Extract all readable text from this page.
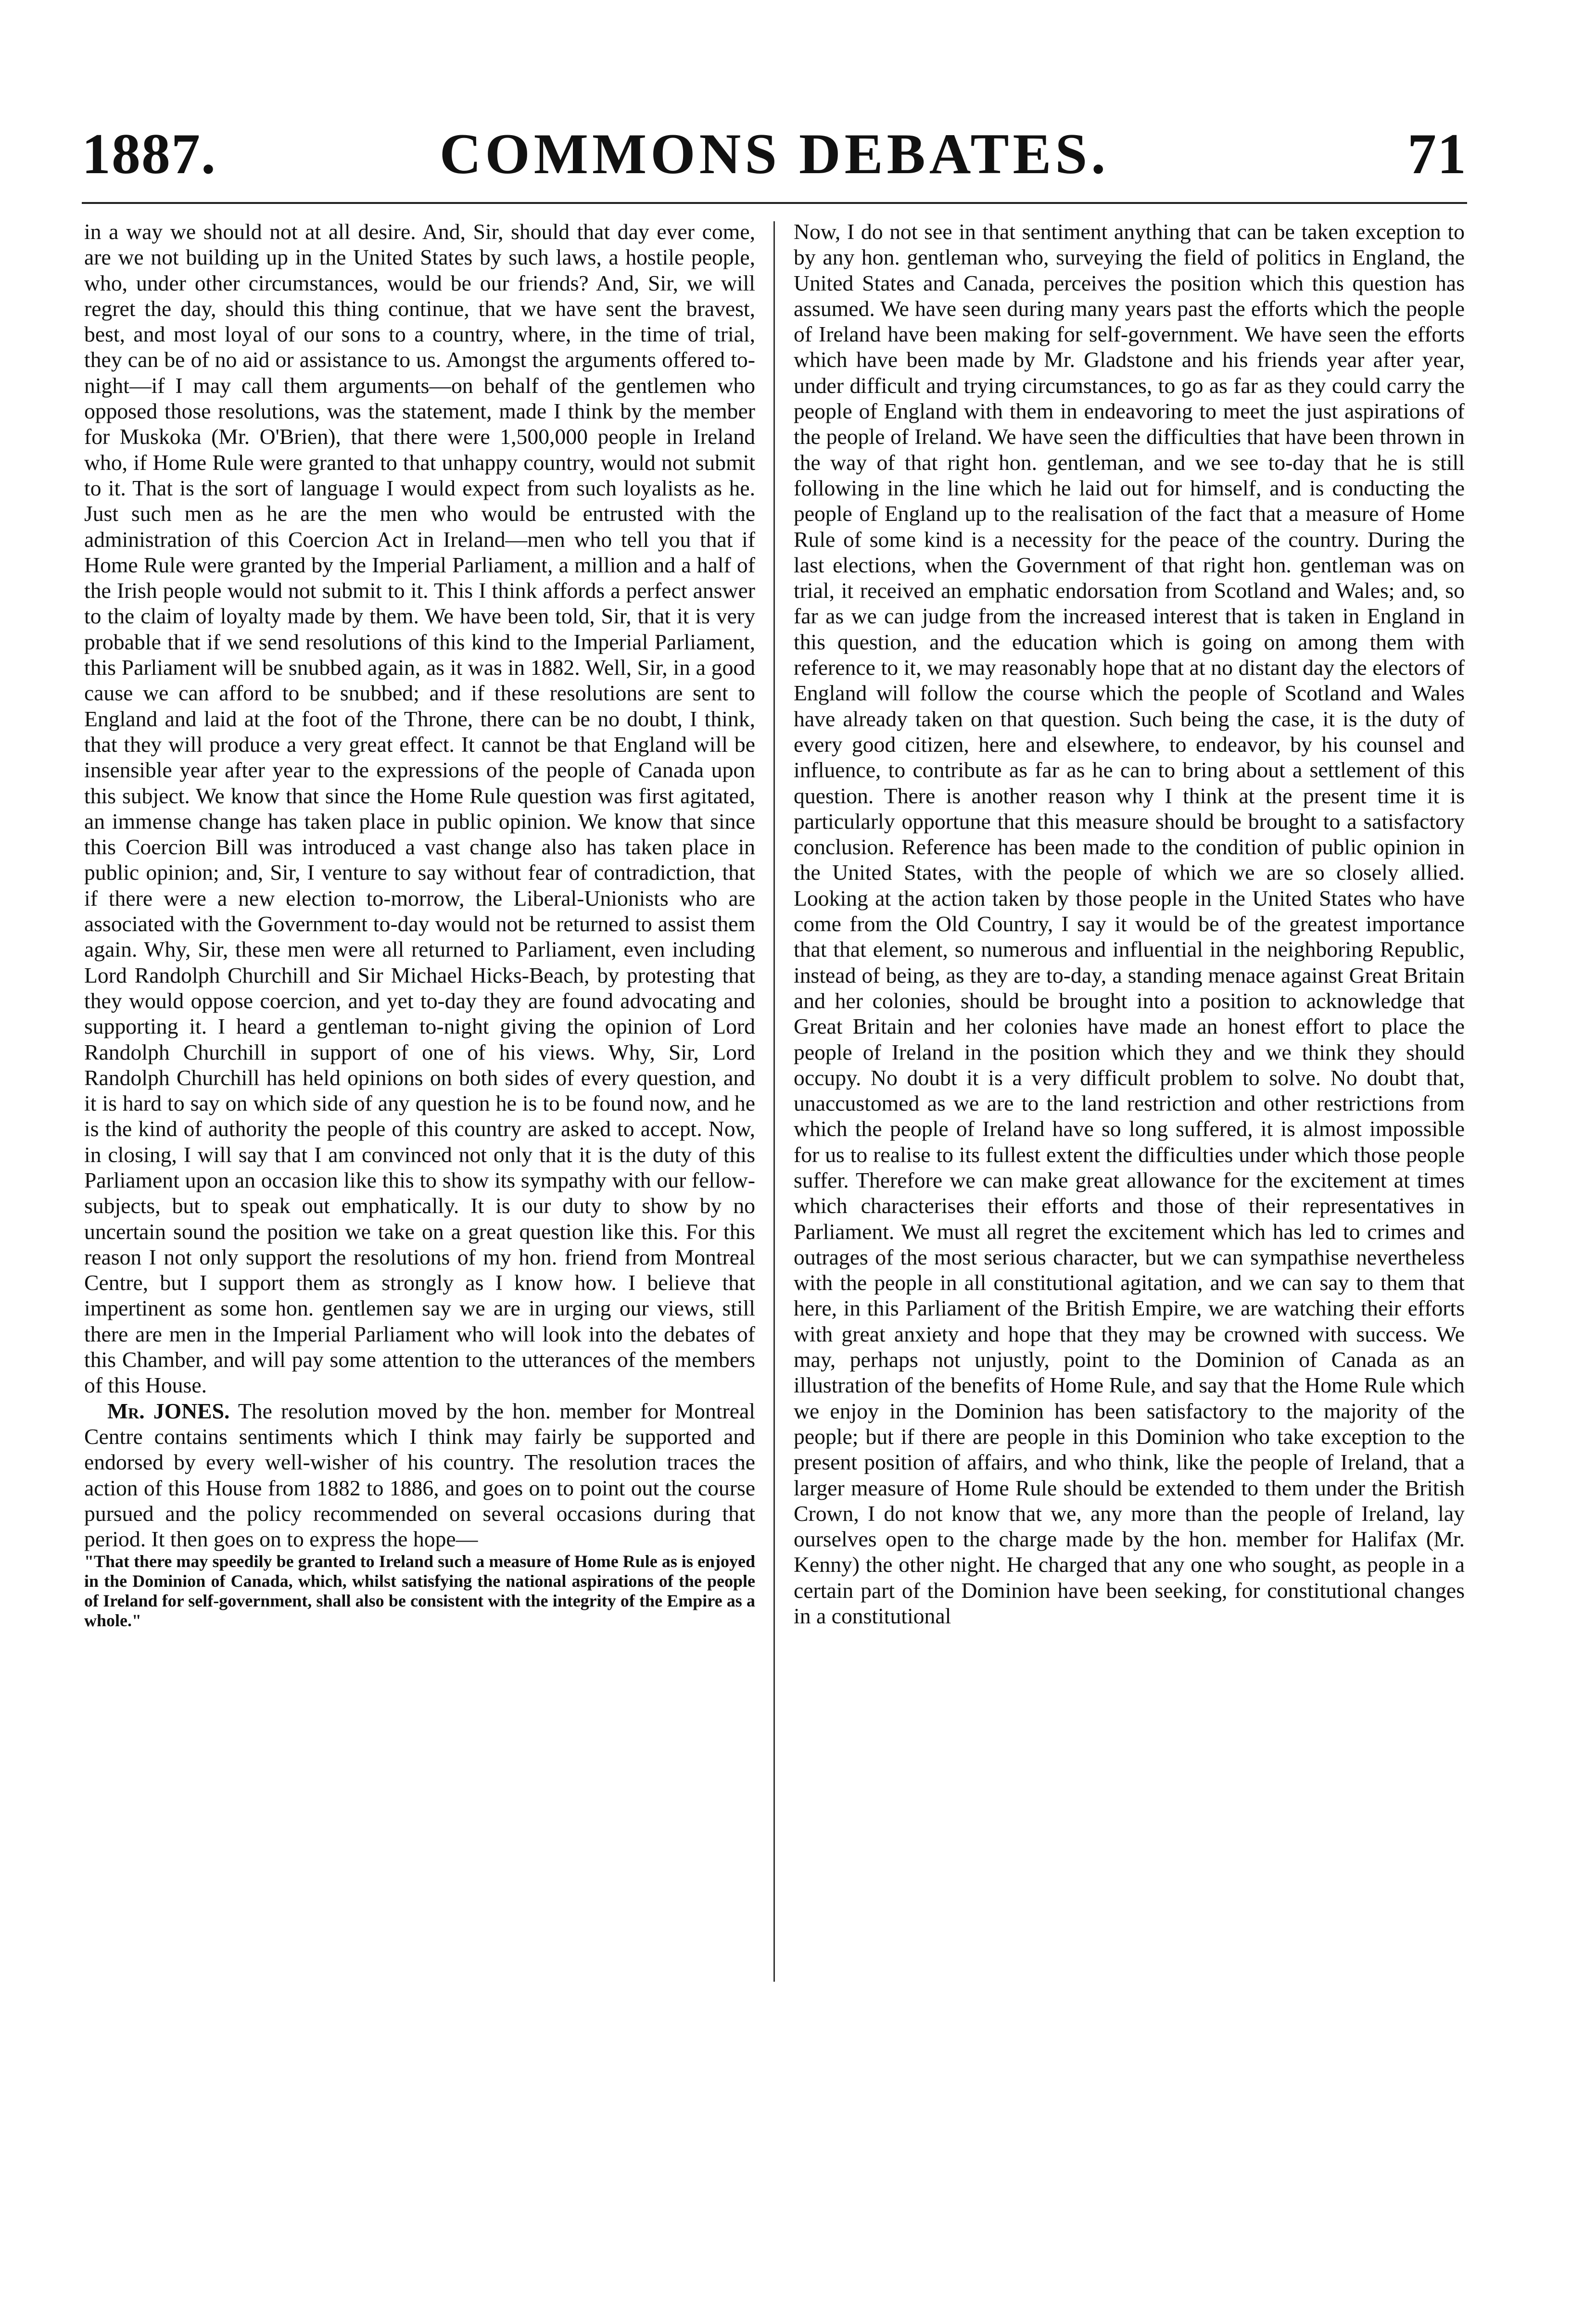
1887.	COMMONS DEBATES.	71

in a way we should not at all desire. And, Sir, should that day ever come, are we not building up in the United States by such laws, a hostile people, who, under other circumstances, would be our friends? And, Sir, we will regret the day, should this thing continue, that we have sent the bravest, best, and most loyal of our sons to a country, where, in the time of trial, they can be of no aid or assistance to us. Amongst the arguments offered to-night—if I may call them arguments—on behalf of the gentlemen who opposed those resolutions, was the statement, made I think by the member for Muskoka (Mr. O'Brien), that there were 1,500,000 people in Ireland who, if Home Rule were granted to that unhappy country, would not submit to it. That is the sort of language I would expect from such loyalists as he. Just such men as he are the men who would be entrusted with the administration of this Coercion Act in Ireland—men who tell you that if Home Rule were granted by the Imperial Parliament, a million and a half of the Irish people would not submit to it. This I think affords a perfect answer to the claim of loyalty made by them. We have been told, Sir, that it is very probable that if we send resolutions of this kind to the Imperial Parliament, this Parliament will be snubbed again, as it was in 1882. Well, Sir, in a good cause we can afford to be snubbed; and if these resolutions are sent to England and laid at the foot of the Throne, there can be no doubt, I think, that they will produce a very great effect. It cannot be that England will be insensible year after year to the expressions of the people of Canada upon this subject. We know that since the Home Rule question was first agitated, an immense change has taken place in public opinion. We know that since this Coercion Bill was introduced a vast change also has taken place in public opinion; and, Sir, I venture to say without fear of contradiction, that if there were a new election to-morrow, the Liberal-Unionists who are associated with the Government to-day would not be returned to assist them again. Why, Sir, these men were all returned to Parliament, even including Lord Randolph Churchill and Sir Michael Hicks-Beach, by protesting that they would oppose coercion, and yet to-day they are found advocating and supporting it. I heard a gentleman to-night giving the opinion of Lord Randolph Churchill in support of one of his views. Why, Sir, Lord Randolph Churchill has held opinions on both sides of every question, and it is hard to say on which side of any question he is to be found now, and he is the kind of authority the people of this country are asked to accept. Now, in closing, I will say that I am convinced not only that it is the duty of this Parliament upon an occasion like this to show its sympathy with our fellow-subjects, but to speak out emphatically. It is our duty to show by no uncertain sound the position we take on a great question like this. For this reason I not only support the resolutions of my hon. friend from Montreal Centre, but I support them as strongly as I know how. I believe that impertinent as some hon. gentlemen say we are in urging our views, still there are men in the Imperial Parliament who will look into the debates of this Chamber, and will pay some attention to the utterances of the members of this House.

Mr. JONES. The resolution moved by the hon. member for Montreal Centre contains sentiments which I think may fairly be supported and endorsed by every well-wisher of his country. The resolution traces the action of this House from 1882 to 1886, and goes on to point out the course pursued and the policy recommended on several occasions during that period. It then goes on to express the hope—

"That there may speedily be granted to Ireland such a measure of Home Rule as is enjoyed in the Dominion of Canada, which, whilst satisfying the national aspirations of the people of Ireland for self-government, shall also be consistent with the integrity of the Empire as a whole."

Now, I do not see in that sentiment anything that can be taken exception to by any hon. gentleman who, surveying the field of politics in England, the United States and Canada, perceives the position which this question has assumed. We have seen during many years past the efforts which the people of Ireland have been making for self-government. We have seen the efforts which have been made by Mr. Gladstone and his friends year after year, under difficult and trying circumstances, to go as far as they could carry the people of England with them in endeavoring to meet the just aspirations of the people of Ireland. We have seen the difficulties that have been thrown in the way of that right hon. gentleman, and we see to-day that he is still following in the line which he laid out for himself, and is conducting the people of England up to the realisation of the fact that a measure of Home Rule of some kind is a necessity for the peace of the country. During the last elections, when the Government of that right hon. gentleman was on trial, it received an emphatic endorsation from Scotland and Wales; and, so far as we can judge from the increased interest that is taken in England in this question, and the education which is going on among them with reference to it, we may reasonably hope that at no distant day the electors of England will follow the course which the people of Scotland and Wales have already taken on that question. Such being the case, it is the duty of every good citizen, here and elsewhere, to endeavor, by his counsel and influence, to contribute as far as he can to bring about a settlement of this question. There is another reason why I think at the present time it is particularly opportune that this measure should be brought to a satisfactory conclusion. Reference has been made to the condition of public opinion in the United States, with the people of which we are so closely allied. Looking at the action taken by those people in the United States who have come from the Old Country, I say it would be of the greatest importance that that element, so numerous and influential in the neighboring Republic, instead of being, as they are to-day, a standing menace against Great Britain and her colonies, should be brought into a position to acknowledge that Great Britain and her colonies have made an honest effort to place the people of Ireland in the position which they and we think they should occupy. No doubt it is a very difficult problem to solve. No doubt that, unaccustomed as we are to the land restriction and other restrictions from which the people of Ireland have so long suffered, it is almost impossible for us to realise to its fullest extent the difficulties under which those people suffer. Therefore we can make great allowance for the excitement at times which characterises their efforts and those of their representatives in Parliament. We must all regret the excitement which has led to crimes and outrages of the most serious character, but we can sympathise nevertheless with the people in all constitutional agitation, and we can say to them that here, in this Parliament of the British Empire, we are watching their efforts with great anxiety and hope that they may be crowned with success. We may, perhaps not unjustly, point to the Dominion of Canada as an illustration of the benefits of Home Rule, and say that the Home Rule which we enjoy in the Dominion has been satisfactory to the majority of the people; but if there are people in this Dominion who take exception to the present position of affairs, and who think, like the people of Ireland, that a larger measure of Home Rule should be extended to them under the British Crown, I do not know that we, any more than the people of Ireland, lay ourselves open to the charge made by the hon. member for Halifax (Mr. Kenny) the other night. He charged that any one who sought, as people in a certain part of the Dominion have been seeking, for constitutional changes in a constitutional
